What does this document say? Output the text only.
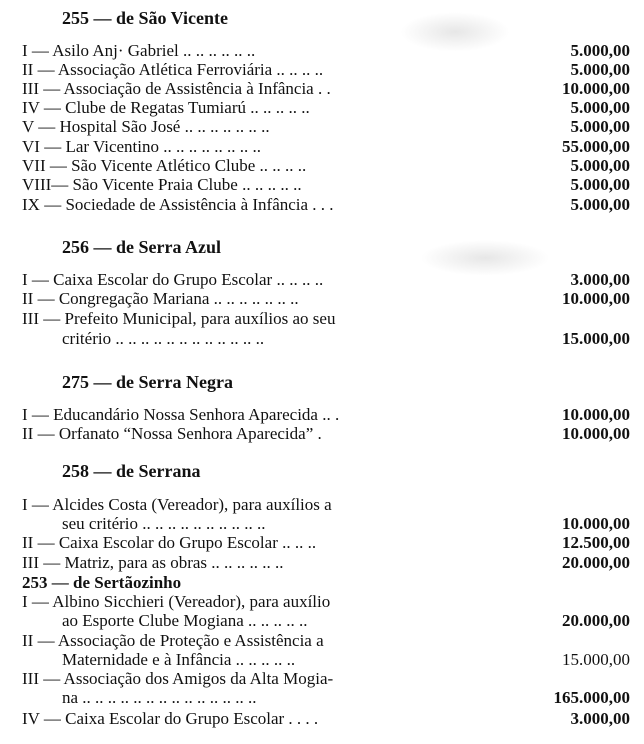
255 — de São Vicente
I — Asilo Anj· Gabriel .. .. .. .. .. ..	5.000,00
II — Associação Atlética Ferroviária .. .. .. ..	5.000,00
III — Associação de Assistência à Infância . .	10.000,00
IV — Clube de Regatas Tumiarú .. .. .. .. ..	5.000,00
V — Hospital São José .. .. .. .. .. .. ..	5.000,00
VI — Lar Vicentino .. .. .. .. .. .. .. ..	55.000,00
VII — São Vicente Atlético Clube .. .. .. ..	5.000,00
VIII— São Vicente Praia Clube .. .. .. .. ..	5.000,00
IX — Sociedade de Assistência à Infância . . .	5.000,00
256 — de Serra Azul
I — Caixa Escolar do Grupo Escolar .. .. .. ..	3.000,00
II — Congregação Mariana .. .. .. .. .. .. ..	10.000,00
III — Prefeito Municipal, para auxílios ao seu
critério .. .. .. .. .. .. .. .. .. .. .. ..	15.000,00
275 — de Serra Negra
I — Educandário Nossa Senhora Aparecida .. .	10.000,00
II — Orfanato “Nossa Senhora Aparecida” .	10.000,00
258 — de Serrana
I — Alcides Costa (Vereador), para auxílios a
seu critério .. .. .. .. .. .. .. .. .. ..	10.000,00
II — Caixa Escolar do Grupo Escolar .. .. ..	12.500,00
III — Matriz, para as obras .. .. .. .. .. ..	20.000,00
253 — de Sertãozinho
I — Albino Sicchieri (Vereador), para auxílio
ao Esporte Clube Mogiana .. .. .. .. ..	20.000,00
II — Associação de Proteção e Assistência a
Maternidade e à Infância .. .. .. .. ..	15.000,00
III — Associação dos Amigos da Alta Mogia-
na .. .. .. .. .. .. .. .. .. .. .. .. .. ..	165.000,00
IV — Caixa Escolar do Grupo Escolar . . . .	3.000,00
